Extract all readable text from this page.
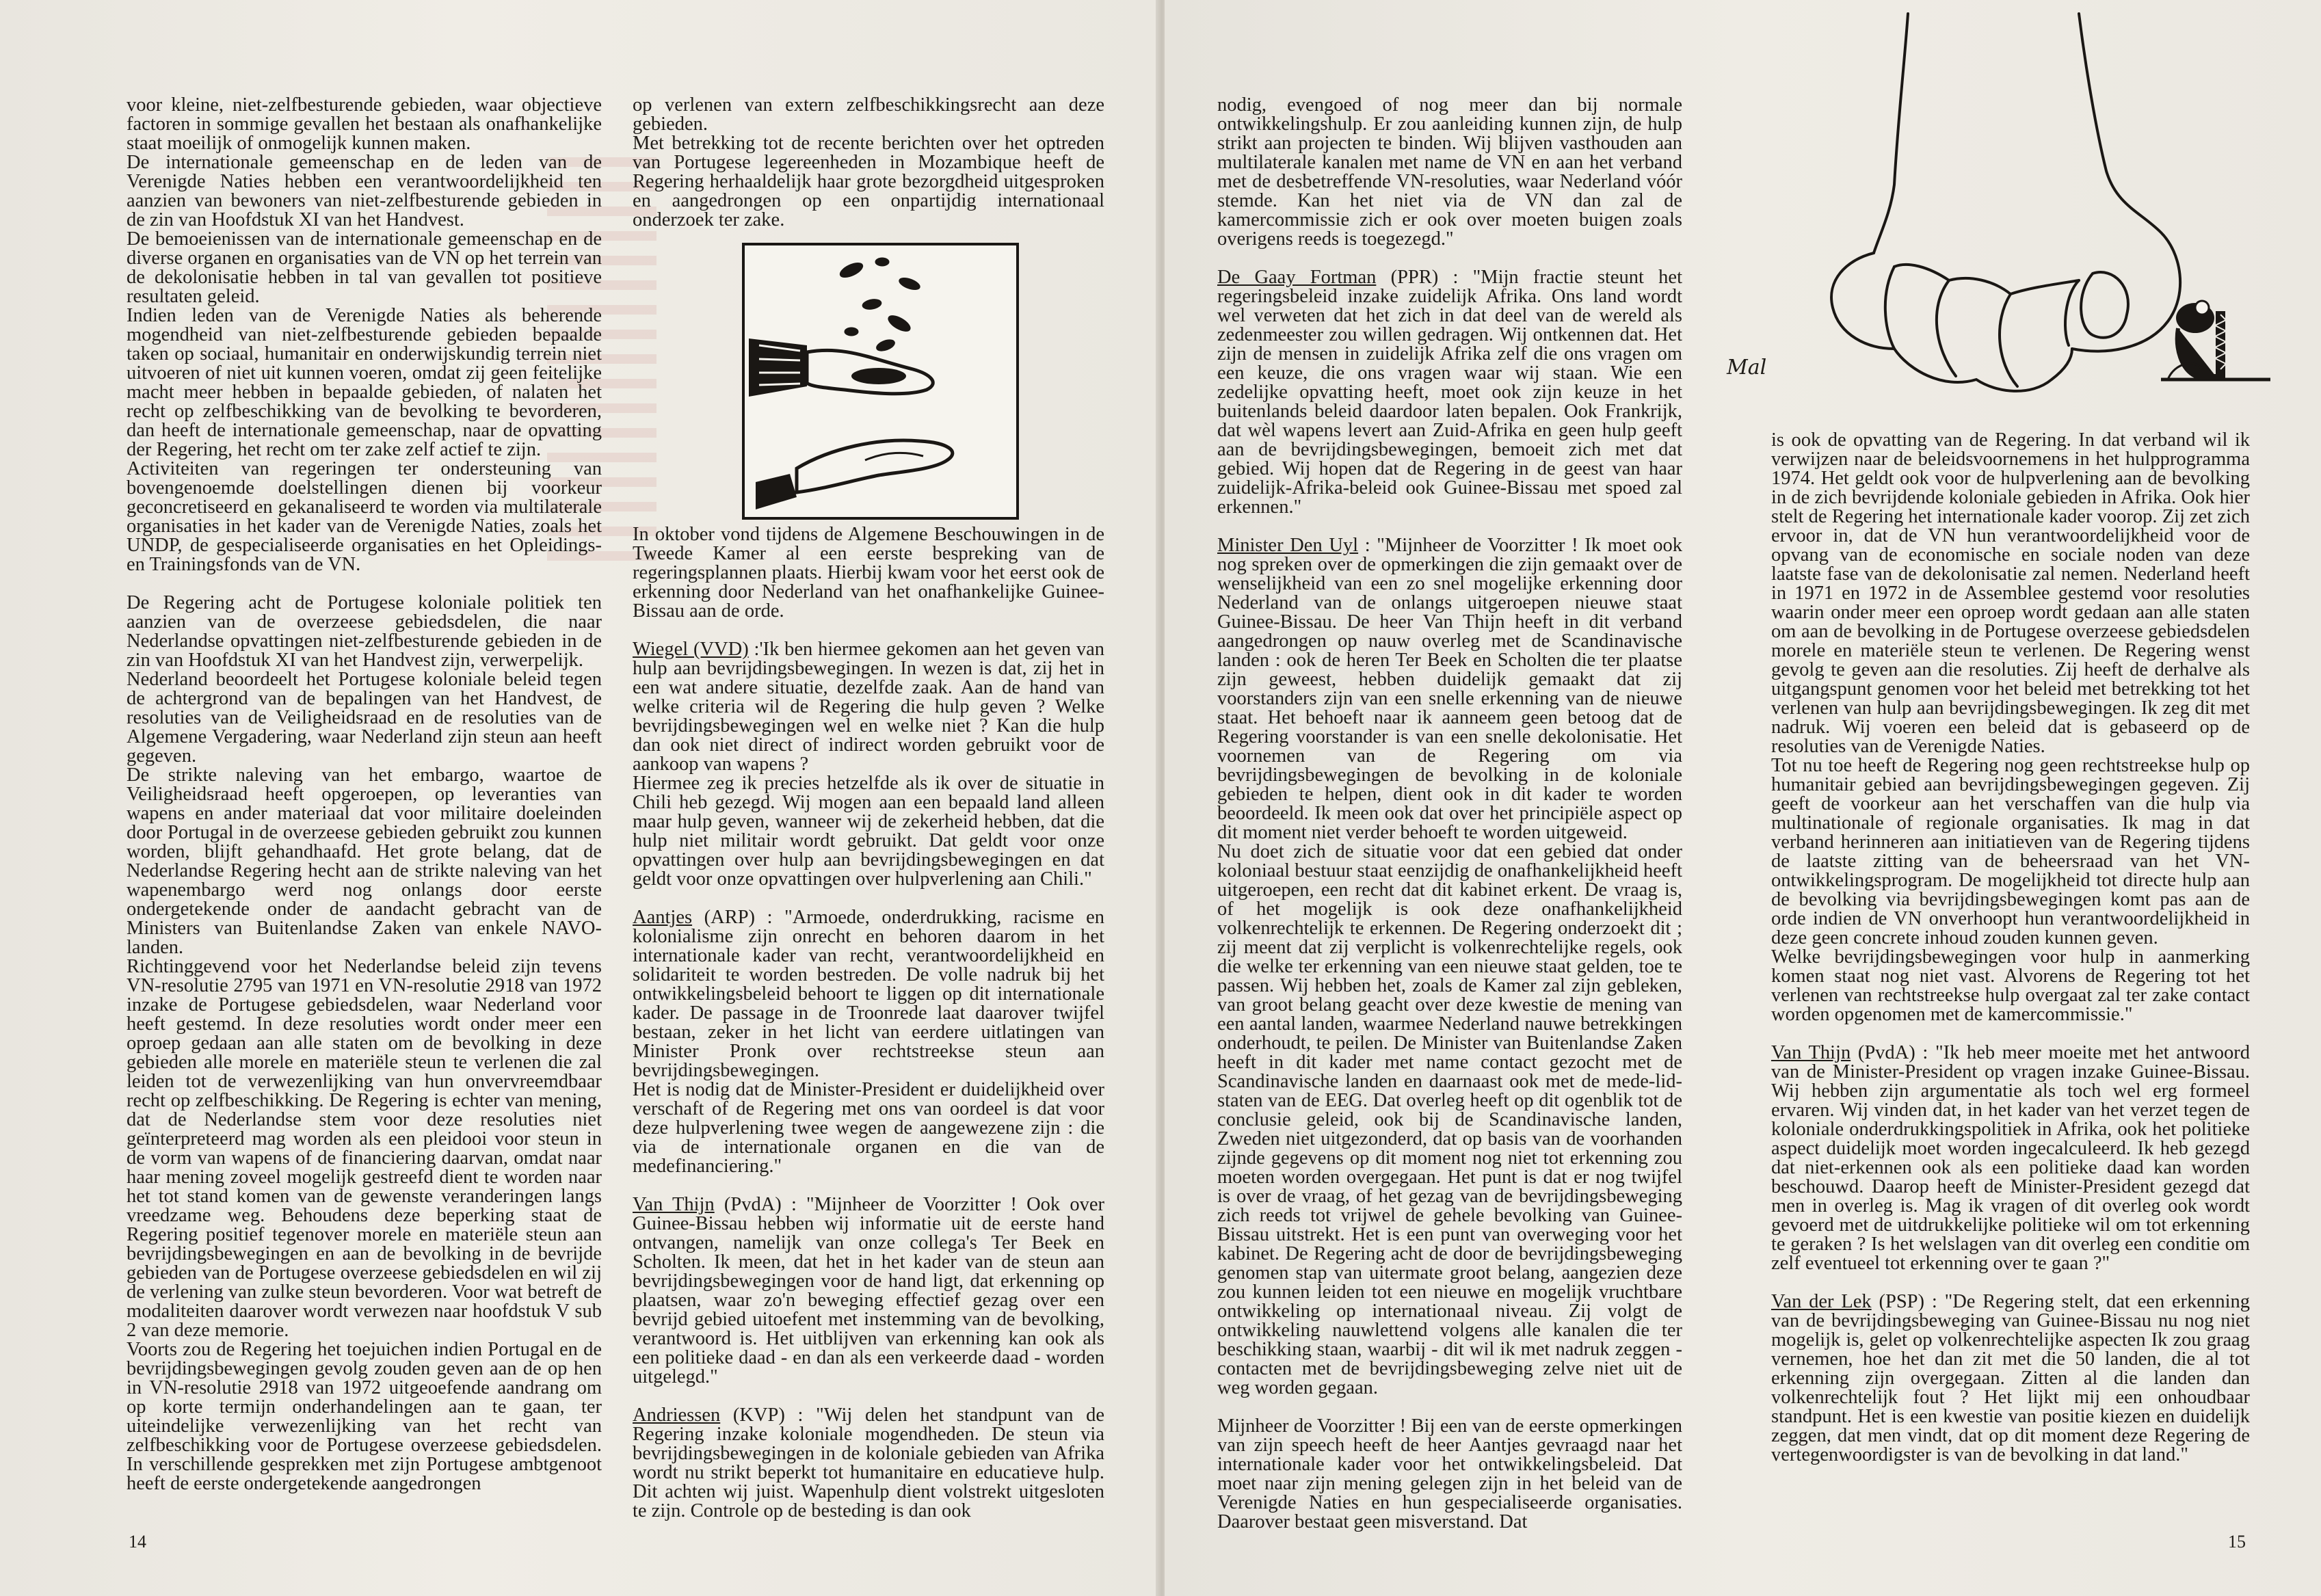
voor kleine, niet-zelfbesturende gebieden, waar objectieve factoren in sommige gevallen het bestaan als onafhankelijke staat moeilijk of onmogelijk kunnen maken.

De internationale gemeenschap en de leden van de Verenigde Naties hebben een verantwoordelijkheid ten aanzien van bewoners van niet-zelfbesturende gebieden in de zin van Hoofdstuk XI van het Handvest.

De bemoeienissen van de internationale gemeenschap en de diverse organen en organisaties van de VN op het terrein van de dekolonisatie hebben in tal van gevallen tot positieve resultaten geleid.

Indien leden van de Verenigde Naties als beherende mogendheid van niet-zelfbesturende gebieden bepaalde taken op sociaal, humanitair en onderwijskundig terrein niet uitvoeren of niet uit kunnen voeren, omdat zij geen feitelijke macht meer hebben in bepaalde gebieden, of nalaten het recht op zelfbeschikking van de bevolking te bevorderen, dan heeft de internationale gemeenschap, naar de opvatting der Regering, het recht om ter zake zelf actief te zijn.

Activiteiten van regeringen ter ondersteuning van bovengenoemde doelstellingen dienen bij voorkeur geconcretiseerd en gekanaliseerd te worden via multilaterale organisaties in het kader van de Verenigde Naties, zoals het UNDP, de gespecialiseerde organisaties en het Opleidings- en Trainingsfonds van de VN.

De Regering acht de Portugese koloniale politiek ten aanzien van de overzeese gebiedsdelen, die naar Nederlandse opvattingen niet-zelfbesturende gebieden in de zin van Hoofdstuk XI van het Handvest zijn, verwerpelijk.

Nederland beoordeelt het Portugese koloniale beleid tegen de achtergrond van de bepalingen van het Handvest, de resoluties van de Veiligheidsraad en de resoluties van de Algemene Vergadering, waar Nederland zijn steun aan heeft gegeven.

De strikte naleving van het embargo, waartoe de Veiligheidsraad heeft opgeroepen, op leveranties van wapens en ander materiaal dat voor militaire doeleinden door Portugal in de overzeese gebieden gebruikt zou kunnen worden, blijft gehandhaafd. Het grote belang, dat de Nederlandse Regering hecht aan de strikte naleving van het wapenembargo werd nog onlangs door eerste ondergetekende onder de aandacht gebracht van de Ministers van Buitenlandse Zaken van enkele NAVO-landen.

Richtinggevend voor het Nederlandse beleid zijn tevens VN-resolutie 2795 van 1971 en VN-resolutie 2918 van 1972 inzake de Portugese gebiedsdelen, waar Nederland voor heeft gestemd. In deze resoluties wordt onder meer een oproep gedaan aan alle staten om de bevolking in deze gebieden alle morele en materiële steun te verlenen die zal leiden tot de verwezenlijking van hun onvervreemdbaar recht op zelfbeschikking. De Regering is echter van mening, dat de Nederlandse stem voor deze resoluties niet geïnterpreteerd mag worden als een pleidooi voor steun in de vorm van wapens of de financiering daarvan, omdat naar haar mening zoveel mogelijk gestreefd dient te worden naar het tot stand komen van de gewenste veranderingen langs vreedzame weg. Behoudens deze beperking staat de Regering positief tegenover morele en materiële steun aan bevrijdingsbewegingen en aan de bevolking in de bevrijde gebieden van de Portugese overzeese gebiedsdelen en wil zij de verlening van zulke steun bevorderen. Voor wat betreft de modaliteiten daarover wordt verwezen naar hoofdstuk V sub 2 van deze memorie.

Voorts zou de Regering het toejuichen indien Portugal en de bevrijdingsbewegingen gevolg zouden geven aan de op hen in VN-resolutie 2918 van 1972 uitgeoefende aandrang om op korte termijn onderhandelingen aan te gaan, ter uiteindelijke verwezenlijking van het recht van zelfbeschikking voor de Portugese overzeese gebiedsdelen. In verschillende gesprekken met zijn Portugese ambtgenoot heeft de eerste ondergetekende aangedrongen

op verlenen van extern zelfbeschikkingsrecht aan deze gebieden.

Met betrekking tot de recente berichten over het optreden van Portugese legereenheden in Mozambique heeft de Regering herhaaldelijk haar grote bezorgdheid uitgesproken en aangedrongen op een onpartijdig internationaal onderzoek ter zake.

In oktober vond tijdens de Algemene Beschouwingen in de Tweede Kamer al een eerste bespreking van de regeringsplannen plaats. Hierbij kwam voor het eerst ook de erkenning door Nederland van het onafhankelijke Guinee-Bissau aan de orde.

Wiegel (VVD) :'Ik ben hiermee gekomen aan het geven van hulp aan bevrijdingsbewegingen. In wezen is dat, zij het in een wat andere situatie, dezelfde zaak. Aan de hand van welke criteria wil de Regering die hulp geven ? Welke bevrijdingsbewegingen wel en welke niet ? Kan die hulp dan ook niet direct of indirect worden gebruikt voor de aankoop van wapens ?

Hiermee zeg ik precies hetzelfde als ik over de situatie in Chili heb gezegd. Wij mogen aan een bepaald land alleen maar hulp geven, wanneer wij de zekerheid hebben, dat die hulp niet militair wordt gebruikt. Dat geldt voor onze opvattingen over hulp aan bevrijdingsbewegingen en dat geldt voor onze opvattingen over hulpverlening aan Chili."

Aantjes (ARP) : "Armoede, onderdrukking, racisme en kolonialisme zijn onrecht en behoren daarom in het internationale kader van recht, verantwoordelijkheid en solidariteit te worden bestreden. De volle nadruk bij het ontwikkelingsbeleid behoort te liggen op dit internationale kader. De passage in de Troonrede laat daarover twijfel bestaan, zeker in het licht van eerdere uitlatingen van Minister Pronk over rechtstreekse steun aan bevrijdingsbewegingen.

Het is nodig dat de Minister-President er duidelijkheid over verschaft of de Regering met ons van oordeel is dat voor deze hulpverlening twee wegen de aangewezene zijn : die via de internationale organen en die van de medefinanciering."

Van Thijn (PvdA) : "Mijnheer de Voorzitter ! Ook over Guinee-Bissau hebben wij informatie uit de eerste hand ontvangen, namelijk van onze collega's Ter Beek en Scholten. Ik meen, dat het in het kader van de steun aan bevrijdingsbewegingen voor de hand ligt, dat erkenning op plaatsen, waar zo'n beweging effectief gezag over een bevrijd gebied uitoefent met instemming van de bevolking, verantwoord is. Het uitblijven van erkenning kan ook als een politieke daad - en dan als een verkeerde daad - worden uitgelegd."

Andriessen (KVP) : "Wij delen het standpunt van de Regering inzake koloniale mogendheden. De steun via bevrijdingsbewegingen in de koloniale gebieden van Afrika wordt nu strikt beperkt tot humanitaire en educatieve hulp. Dit achten wij juist. Wapenhulp dient volstrekt uitgesloten te zijn. Controle op de besteding is dan ook

14

nodig, evengoed of nog meer dan bij normale ontwikkelingshulp. Er zou aanleiding kunnen zijn, de hulp strikt aan projecten te binden. Wij blijven vasthouden aan multilaterale kanalen met name de VN en aan het verband met de desbetreffende VN-resoluties, waar Nederland vóór stemde. Kan het niet via de VN dan zal de kamercommissie zich er ook over moeten buigen zoals overigens reeds is toegezegd."

De Gaay Fortman (PPR) : "Mijn fractie steunt het regeringsbeleid inzake zuidelijk Afrika. Ons land wordt wel verweten dat het zich in dat deel van de wereld als zedenmeester zou willen gedragen. Wij ontkennen dat. Het zijn de mensen in zuidelijk Afrika zelf die ons vragen om een keuze, die ons vragen waar wij staan. Wie een zedelijke opvatting heeft, moet ook zijn keuze in het buitenlands beleid daardoor laten bepalen. Ook Frankrijk, dat wèl wapens levert aan Zuid-Afrika en geen hulp geeft aan de bevrijdingsbewegingen, bemoeit zich met dat gebied. Wij hopen dat de Regering in de geest van haar zuidelijk-Afrika-beleid ook Guinee-Bissau met spoed zal erkennen."

Minister Den Uyl : "Mijnheer de Voorzitter ! Ik moet ook nog spreken over de opmerkingen die zijn gemaakt over de wenselijkheid van een zo snel mogelijke erkenning door Nederland van de onlangs uitgeroepen nieuwe staat Guinee-Bissau. De heer Van Thijn heeft in dit verband aangedrongen op nauw overleg met de Scandinavische landen : ook de heren Ter Beek en Scholten die ter plaatse zijn geweest, hebben duidelijk gemaakt dat zij voorstanders zijn van een snelle erkenning van de nieuwe staat. Het behoeft naar ik aanneem geen betoog dat de Regering voorstander is van een snelle dekolonisatie. Het voornemen van de Regering om via bevrijdingsbewegingen de bevolking in de koloniale gebieden te helpen, dient ook in dit kader te worden beoordeeld. Ik meen ook dat over het principiële aspect op dit moment niet verder behoeft te worden uitgeweid.

Nu doet zich de situatie voor dat een gebied dat onder koloniaal bestuur staat eenzijdig de onafhankelijkheid heeft uitgeroepen, een recht dat dit kabinet erkent. De vraag is, of het mogelijk is ook deze onafhankelijkheid volkenrechtelijk te erkennen. De Regering onderzoekt dit ; zij meent dat zij verplicht is volkenrechtelijke regels, ook die welke ter erkenning van een nieuwe staat gelden, toe te passen. Wij hebben het, zoals de Kamer zal zijn gebleken, van groot belang geacht over deze kwestie de mening van een aantal landen, waarmee Nederland nauwe betrekkingen onderhoudt, te peilen. De Minister van Buitenlandse Zaken heeft in dit kader met name contact gezocht met de Scandinavische landen en daarnaast ook met de mede-lid-staten van de EEG. Dat overleg heeft op dit ogenblik tot de conclusie geleid, ook bij de Scandinavische landen, Zweden niet uitgezonderd, dat op basis van de voorhanden zijnde gegevens op dit moment nog niet tot erkenning zou moeten worden overgegaan. Het punt is dat er nog twijfel is over de vraag, of het gezag van de bevrijdingsbeweging zich reeds tot vrijwel de gehele bevolking van Guinee-Bissau uitstrekt. Het is een punt van overweging voor het kabinet. De Regering acht de door de bevrijdingsbeweging genomen stap van uitermate groot belang, aangezien deze zou kunnen leiden tot een nieuwe en mogelijk vruchtbare ontwikkeling op internationaal niveau. Zij volgt de ontwikkeling nauwlettend volgens alle kanalen die ter beschikking staan, waarbij - dit wil ik met nadruk zeggen - contacten met de bevrijdingsbeweging zelve niet uit de weg worden gegaan.

Mijnheer de Voorzitter ! Bij een van de eerste opmerkingen van zijn speech heeft de heer Aantjes gevraagd naar het internationale kader voor het ontwikkelingsbeleid. Dat moet naar zijn mening gelegen zijn in het beleid van de Verenigde Naties en hun gespecialiseerde organisaties. Daarover bestaat geen misverstand. Dat

Mal

is ook de opvatting van de Regering. In dat verband wil ik verwijzen naar de beleidsvoornemens in het hulpprogramma 1974. Het geldt ook voor de hulpverlening aan de bevolking in de zich bevrijdende koloniale gebieden in Afrika. Ook hier stelt de Regering het internationale kader voorop. Zij zet zich ervoor in, dat de VN hun verantwoordelijkheid voor de opvang van de economische en sociale noden van deze laatste fase van de dekolonisatie zal nemen. Nederland heeft in 1971 en 1972 in de Assemblee gestemd voor resoluties waarin onder meer een oproep wordt gedaan aan alle staten om aan de bevolking in de Portugese overzeese gebiedsdelen morele en materiële steun te verlenen. De Regering wenst gevolg te geven aan die resoluties. Zij heeft de derhalve als uitgangspunt genomen voor het beleid met betrekking tot het verlenen van hulp aan bevrijdingsbewegingen. Ik zeg dit met nadruk. Wij voeren een beleid dat is gebaseerd op de resoluties van de Verenigde Naties.

Tot nu toe heeft de Regering nog geen rechtstreekse hulp op humanitair gebied aan bevrijdingsbewegingen gegeven. Zij geeft de voorkeur aan het verschaffen van die hulp via multinationale of regionale organisaties. Ik mag in dat verband herinneren aan initiatieven van de Regering tijdens de laatste zitting van de beheersraad van het VN-ontwikkelingsprogram. De mogelijkheid tot directe hulp aan de bevolking via bevrijdingsbewegingen komt pas aan de orde indien de VN onverhoopt hun verantwoordelijkheid in deze geen concrete inhoud zouden kunnen geven.

Welke bevrijdingsbewegingen voor hulp in aanmerking komen staat nog niet vast. Alvorens de Regering tot het verlenen van rechtstreekse hulp overgaat zal ter zake contact worden opgenomen met de kamercommissie."

Van Thijn (PvdA) : "Ik heb meer moeite met het antwoord van de Minister-President op vragen inzake Guinee-Bissau. Wij hebben zijn argumentatie als toch wel erg formeel ervaren. Wij vinden dat, in het kader van het verzet tegen de koloniale onderdrukkingspolitiek in Afrika, ook het politieke aspect duidelijk moet worden ingecalculeerd. Ik heb gezegd dat niet-erkennen ook als een politieke daad kan worden beschouwd. Daarop heeft de Minister-President gezegd dat men in overleg is. Mag ik vragen of dit overleg ook wordt gevoerd met de uitdrukkelijke politieke wil om tot erkenning te geraken ? Is het welslagen van dit overleg een conditie om zelf eventueel tot erkenning over te gaan ?"

Van der Lek (PSP) : "De Regering stelt, dat een erkenning van de bevrijdingsbeweging van Guinee-Bissau nu nog niet mogelijk is, gelet op volkenrechtelijke aspecten Ik zou graag vernemen, hoe het dan zit met die 50 landen, die al tot erkenning zijn overgegaan. Zitten al die landen dan volkenrechtelijk fout ? Het lijkt mij een onhoudbaar standpunt. Het is een kwestie van positie kiezen en duidelijk zeggen, dat men vindt, dat op dit moment deze Regering de vertegenwoordigster is van de bevolking in dat land."

15
